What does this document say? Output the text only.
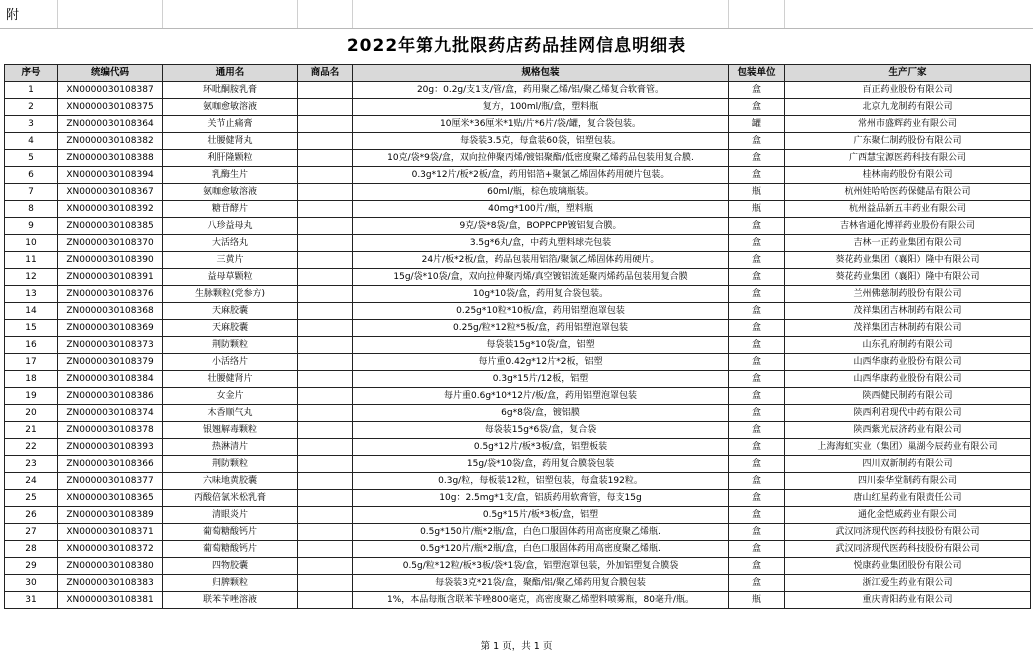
附
2022年第九批限药店药品挂网信息明细表
序号	统编代码	通用名	商品名	规格包装	包装单位	生产厂家
1	XN0000030108387	环吡酮胺乳膏		20g：0.2g/支1支/管/盒，药用聚乙烯/铝/聚乙烯复合软膏管。	盒	百正药业股份有限公司
2	XN0000030108375	氨咖愈敏溶液		复方，100ml/瓶/盒，塑料瓶	盒	北京九龙制药有限公司
3	ZN0000030108364	关节止痛膏		10厘米*36厘米*1贴/片*6片/袋/罐，复合袋包装。	罐	常州市盛辉药业有限公司
4	ZN0000030108382	壮腰健肾丸		每袋装3.5克，每盒装60袋，铝塑包装。	盒	广东聚仁制药股份有限公司
5	ZN0000030108388	利肝隆颗粒		10克/袋*9袋/盒，双向拉伸聚丙烯/镀铝聚酯/低密度聚乙烯药品包装用复合膜.	盒	广西慧宝源医药科技有限公司
6	XN0000030108394	乳酶生片		0.3g*12片/板*2板/盒，药用铝箔+聚氯乙烯固体药用硬片包装。	盒	桂林南药股份有限公司
7	XN0000030108367	氨咖愈敏溶液		60ml/瓶，棕色玻璃瓶装。	瓶	杭州娃哈哈医药保健品有限公司
8	XN0000030108392	糖苷酵片		40mg*100片/瓶，塑料瓶	瓶	杭州益品新五丰药业有限公司
9	ZN0000030108385	八珍益母丸		9克/袋*8袋/盒，BOPPCPP镀铝复合膜。	盒	吉林省通化博祥药业股份有限公司
10	ZN0000030108370	大活络丸		3.5g*6丸/盒，中药丸塑料球壳包装	盒	吉林一正药业集团有限公司
11	ZN0000030108390	三黄片		24片/板*2板/盒，药品包装用铝箔/聚氯乙烯固体药用硬片。	盒	葵花药业集团（襄阳）隆中有限公司
12	ZN0000030108391	益母草颗粒		15g/袋*10袋/盒，双向拉伸聚丙烯/真空镀铝流延聚丙烯药品包装用复合膜	盒	葵花药业集团（襄阳）隆中有限公司
13	ZN0000030108376	生脉颗粒(党参方)		10g*10袋/盒，药用复合袋包装。	盒	兰州佛慈制药股份有限公司
14	ZN0000030108368	天麻胶囊		0.25g*10粒*10板/盒，药用铝塑泡罩包装	盒	茂祥集团吉林制药有限公司
15	ZN0000030108369	天麻胶囊		0.25g/粒*12粒*5板/盒，药用铝塑泡罩包装	盒	茂祥集团吉林制药有限公司
16	ZN0000030108373	荆防颗粒		每袋装15g*10袋/盒，铝塑	盒	山东孔府制药有限公司
17	ZN0000030108379	小活络片		每片重0.42g*12片*2板，铝塑	盒	山西华康药业股份有限公司
18	ZN0000030108384	壮腰健肾片		0.3g*15片/12板，铝塑	盒	山西华康药业股份有限公司
19	ZN0000030108386	女金片		每片重0.6g*10*12片/板/盒，药用铝塑泡罩包装	盒	陕西健民制药有限公司
20	ZN0000030108374	木香顺气丸		6g*8袋/盒，镀铝膜	盒	陕西利君现代中药有限公司
21	ZN0000030108378	银翘解毒颗粒		每袋装15g*6袋/盒，复合袋	盒	陕西紫光辰济药业有限公司
22	ZN0000030108393	热淋清片		0.5g*12片/板*3板/盒，铝塑板装	盒	上海海虹实业（集团）巢湖今辰药业有限公司
23	ZN0000030108366	荆防颗粒		15g/袋*10袋/盒，药用复合膜袋包装	盒	四川双新制药有限公司
24	ZN0000030108377	六味地黄胶囊		0.3g/粒，每板装12粒，铝塑包装，每盒装192粒。	盒	四川泰华堂制药有限公司
25	XN0000030108365	丙酸倍氯米松乳膏		10g：2.5mg*1支/盒，铝质药用软膏管，每支15g	盒	唐山红星药业有限责任公司
26	ZN0000030108389	清眼炎片		0.5g*15片/板*3板/盒，铝塑	盒	通化金恺威药业有限公司
27	XN0000030108371	葡萄糖酸钙片		0.5g*150片/瓶*2瓶/盒，白色口服固体药用高密度聚乙烯瓶.	盒	武汉同济现代医药科技股份有限公司
28	XN0000030108372	葡萄糖酸钙片		0.5g*120片/瓶*2瓶/盒，白色口服固体药用高密度聚乙烯瓶.	盒	武汉同济现代医药科技股份有限公司
29	ZN0000030108380	四物胶囊		0.5g/粒*12粒/板*3板/袋*1袋/盒，铝塑泡罩包装，外加铝塑复合膜袋	盒	悦康药业集团股份有限公司
30	ZN0000030108383	归脾颗粒		每袋装3克*21袋/盒，聚酯/铝/聚乙烯药用复合膜包装	盒	浙江爱生药业有限公司
31	XN0000030108381	联苯苄唑溶液		1%，本品每瓶含联苯苄唑800毫克，高密度聚乙烯塑料喷雾瓶，80毫升/瓶。	瓶	重庆青阳药业有限公司
第 1 页，共 1 页
